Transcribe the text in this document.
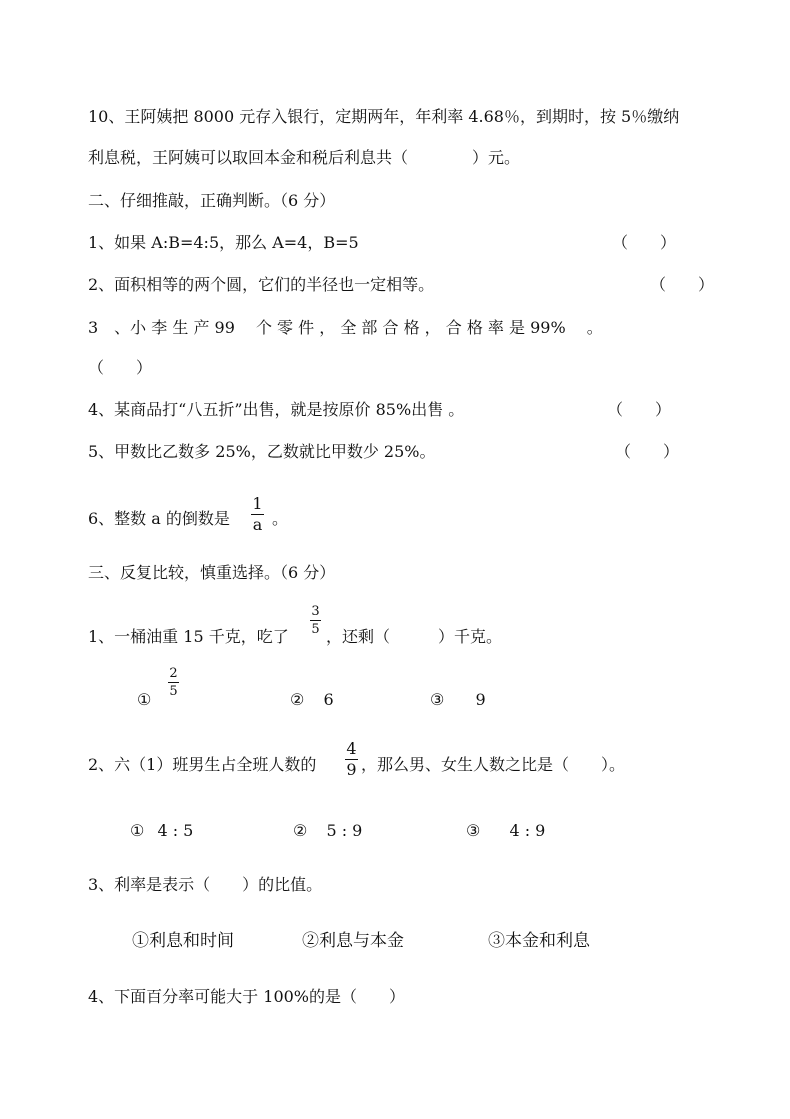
10、王阿姨把 8000 元存入银行，定期两年，年利率 4.68％，到期时，按 5％缴纳
利息税，王阿姨可以取回本金和税后利息共（　　　　）元。
二、仔细推敲，正确判断。（6 分）
1、如果 A:B=4:5，那么 A=4，B=5	（　　）
2、面积相等的两个圆，它们的半径也一定相等。	（　　）
3　、小 李 生 产 99　 个 零 件 ， 全 部 合 格 ， 合 格 率 是 99%　 。
（　　）
4、某商品打“八五折”出售，就是按原价 85%出售 。	（　　）
5、甲数比乙数多 25%，乙数就比甲数少 25%。	（　　）
6、整数 a 的倒数是
1
a 。
三、反复比较，慎重选择。（6 分）
1、一桶油重 15 千克，吃了
3
5 ，还剩（　　　）千克。
①
2
5	② 6	③ 9
2、六（1）班男生占全班人数的
4
9 ，那么男、女生人数之比是（　　）。
① 4 : 5	② 5 : 9	③ 4 : 9
3、利率是表示（　　）的比值。
①利息和时间	②利息与本金	③本金和利息
4、下面百分率可能大于 100%的是（　　）
